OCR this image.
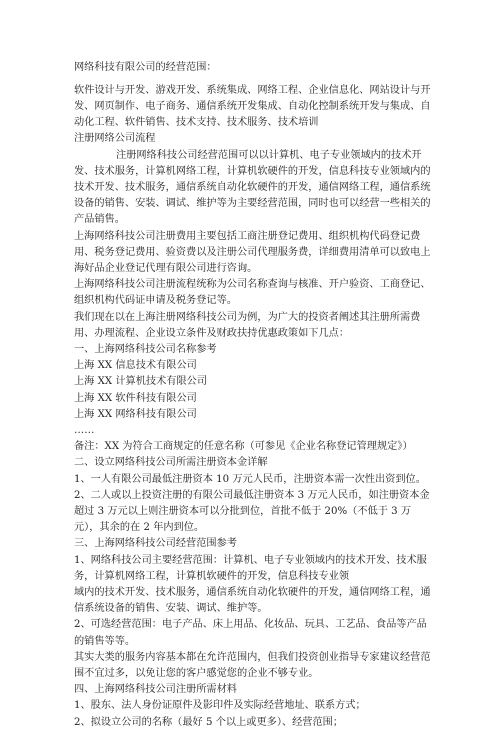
网络科技有限公司的经营范围：

软件设计与开发、游戏开发、系统集成、网络工程、企业信息化、网站设计与开发、网页制作、电子商务、通信系统开发集成、自动化控制系统开发与集成、自动化工程、软件销售、技术支持、技术服务、技术培训

注册网络公司流程

注册网络科技公司经营范围可以以计算机、电子专业领域内的技术开发、技术服务，计算机网络工程，计算机软硬件的开发，信息科技专业领域内的技术开发、技术服务，通信系统自动化软硬件的开发，通信网络工程，通信系统设备的销售、安装、调试、维护等为主要经营范围，同时也可以经营一些相关的产品销售。

上海网络科技公司注册费用主要包括工商注册登记费用、组织机构代码登记费用、税务登记费用、验资费以及注册公司代理服务费，详细费用清单可以致电上海好品企业登记代理有限公司进行咨询。

上海网络科技公司注册流程统称为公司名称查询与核准、开户验资、工商登记、组织机构代码证申请及税务登记等。

我们现在以在上海注册网络科技公司为例，为广大的投资者阐述其注册所需费用、办理流程、企业设立条件及财政扶持优惠政策如下几点：

一、上海网络科技公司名称参考

上海 XX 信息技术有限公司

上海 XX 计算机技术有限公司

上海 XX 软件科技有限公司

上海 XX 网络科技有限公司

……

备注：XX 为符合工商规定的任意名称（可参见《企业名称登记管理规定》）

二、设立网络科技公司所需注册资本金详解

1、一人有限公司最低注册资本 10 万元人民币，注册资本需一次性出资到位。

2、二人或以上投资注册的有限公司最低注册资本 3 万元人民币，如注册资本金超过 3 万元以上则注册资本可以分批到位，首批不低于 20%（不低于 3 万元），其余的在 2 年内到位。

三、上海网络科技公司经营范围参考

1、网络科技公司主要经营范围：计算机、电子专业领域内的技术开发、技术服务，计算机网络工程，计算机软硬件的开发，信息科技专业领

域内的技术开发、技术服务，通信系统自动化软硬件的开发，通信网络工程，通信系统设备的销售、安装、调试、维护等。

2、可选经营范围：电子产品、床上用品、化妆品、玩具、工艺品、食品等产品的销售等等。

其实大类的服务内容基本都在允许范围内，但我们投资创业指导专家建议经营范围不宜过多，以免让您的客户感觉您的企业不够专业。

四、上海网络科技公司注册所需材料

1、股东、法人身份证原件及影印件及实际经营地址、联系方式；

2、拟设立公司的名称（最好 5 个以上或更多）、经营范围；
